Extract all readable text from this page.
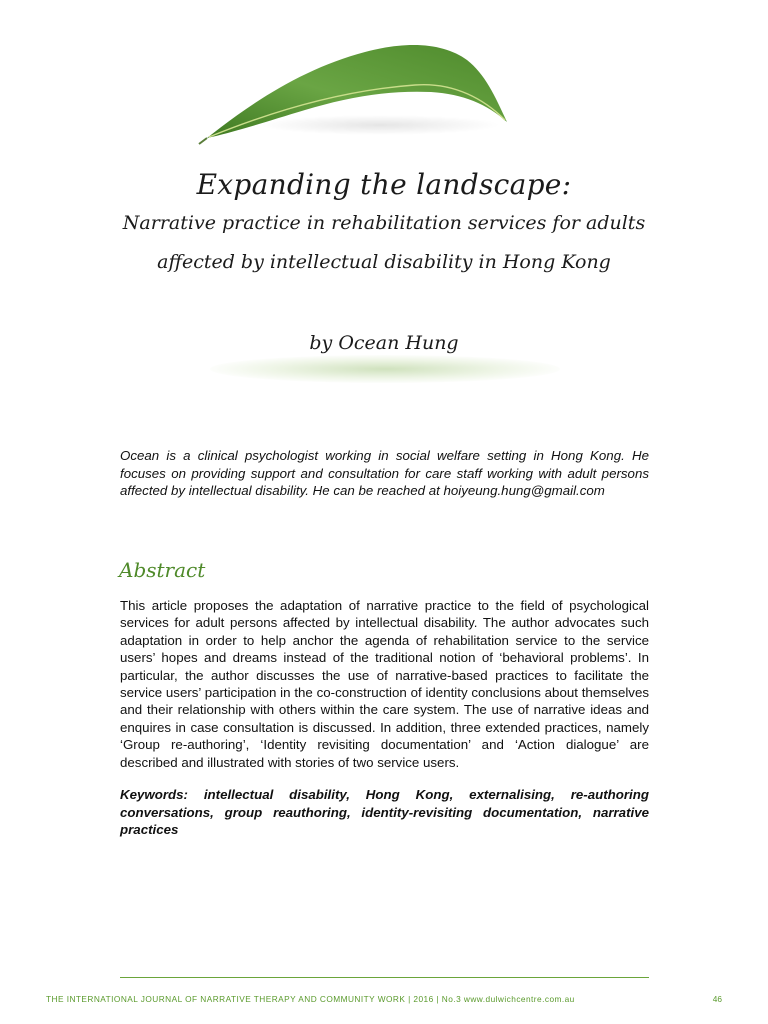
Expanding the landscape:
Narrative practice in rehabilitation services for adults
affected by intellectual disability in Hong Kong
by Ocean Hung
Ocean is a clinical psychologist working in social welfare setting in Hong Kong. He focuses on providing support and consultation for care staff working with adult persons affected by intellectual disability. He can be reached at hoiyeung.hung@gmail.com
Abstract
This article proposes the adaptation of narrative practice to the field of psychological services for adult persons affected by intellectual disability. The author advocates such adaptation in order to help anchor the agenda of rehabilitation service to the service users’ hopes and dreams instead of the traditional notion of ‘behavioral problems’. In particular, the author discusses the use of narrative-based practices to facilitate the service users’ participation in the co-construction of identity conclusions about themselves and their relationship with others within the care system. The use of narrative ideas and enquires in case consultation is discussed. In addition, three extended practices, namely ‘Group re-authoring’, ‘Identity revisiting documentation’ and ‘Action dialogue’ are described and illustrated with stories of two service users.
Keywords: intellectual disability, Hong Kong, externalising, re-authoring conversations, group reauthoring, identity-revisiting documentation, narrative practices
THE INTERNATIONAL JOURNAL OF NARRATIVE THERAPY AND COMMUNITY WORK | 2016 | No.3 www.dulwichcentre.com.au	46
